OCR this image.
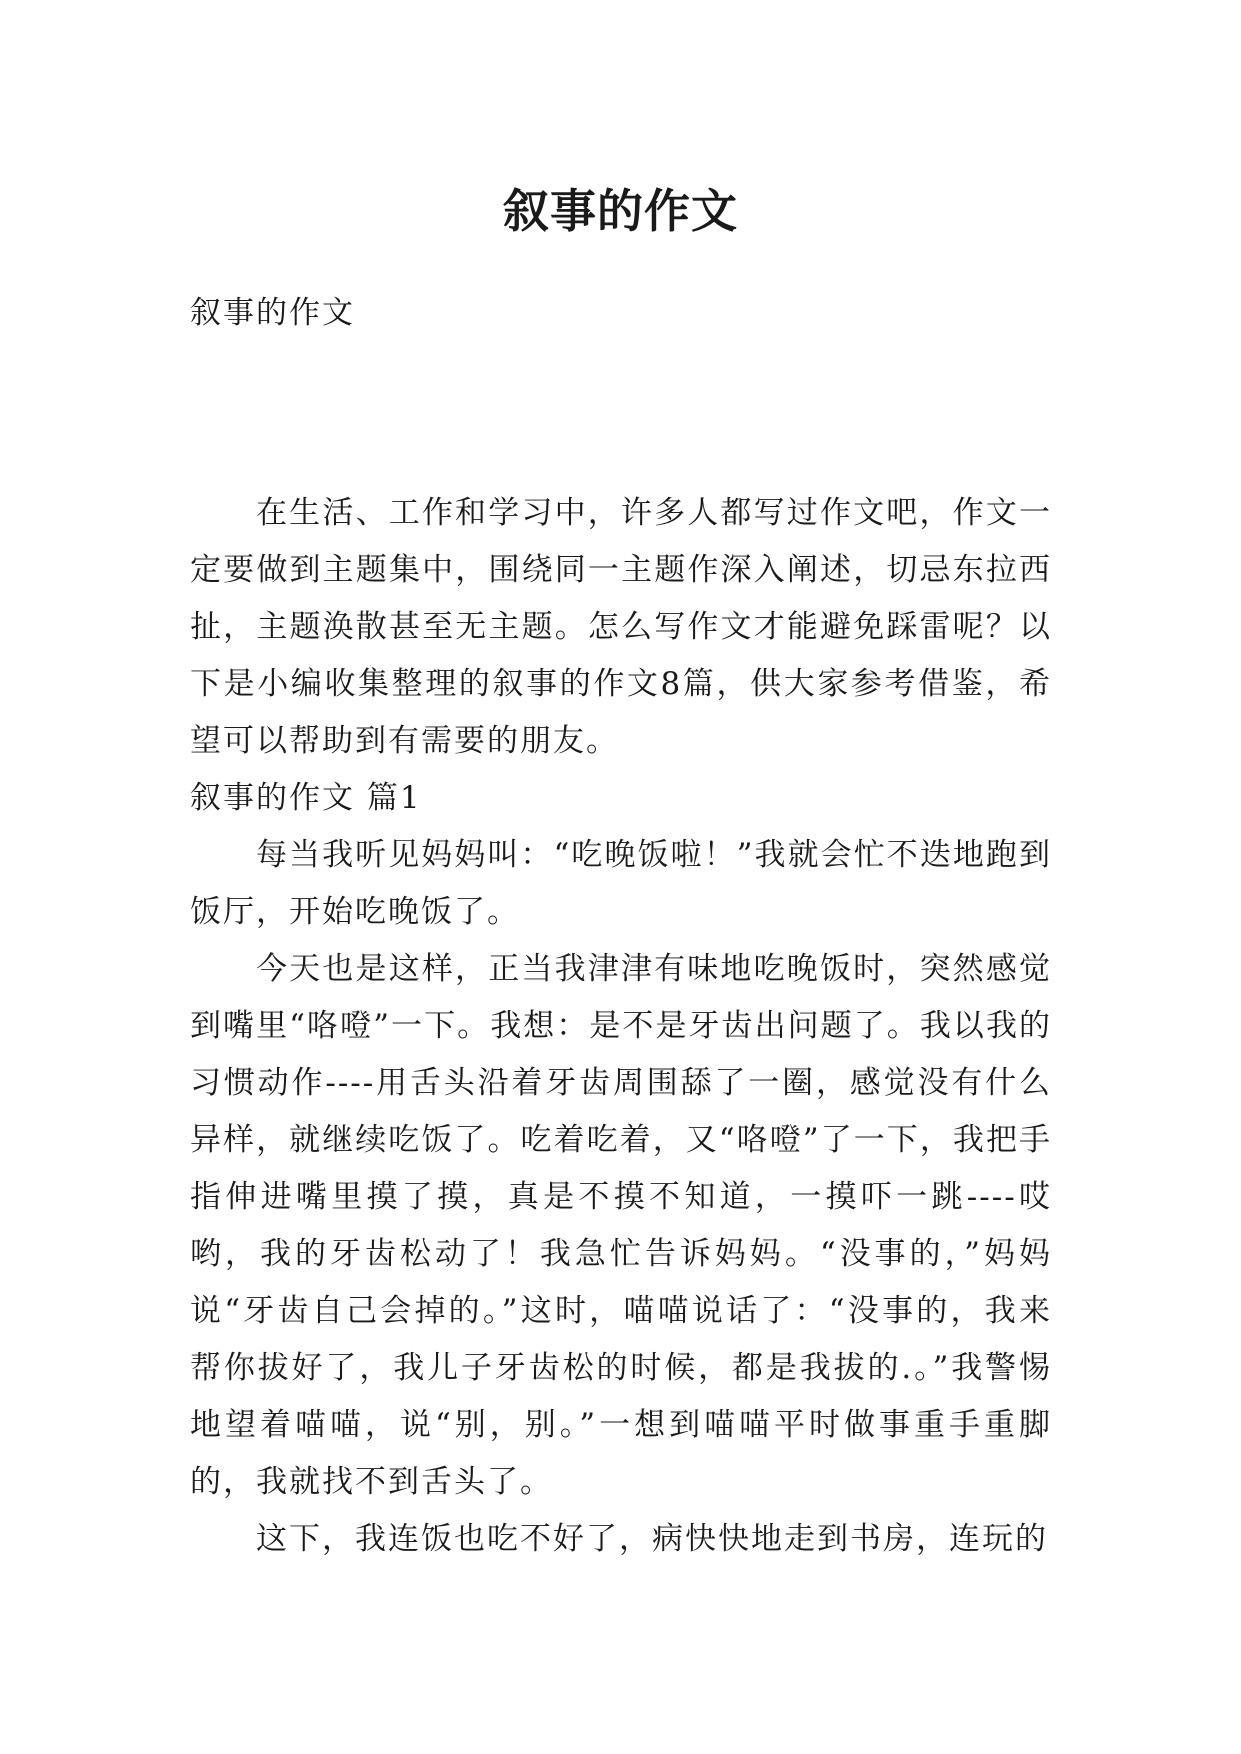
叙事的作文

叙事的作文

在生活、工作和学习中，许多人都写过作文吧，作文一定要做到主题集中，围绕同一主题作深入阐述，切忌东拉西扯，主题涣散甚至无主题。怎么写作文才能避免踩雷呢？以下是小编收集整理的叙事的作文8篇，供大家参考借鉴，希望可以帮助到有需要的朋友。

叙事的作文 篇1

每当我听见妈妈叫：“吃晚饭啦！”我就会忙不迭地跑到饭厅，开始吃晚饭了。

今天也是这样，正当我津津有味地吃晚饭时，突然感觉到嘴里“咯噔”一下。我想：是不是牙齿出问题了。我以我的习惯动作----用舌头沿着牙齿周围舔了一圈，感觉没有什么异样，就继续吃饭了。吃着吃着，又“咯噔”了一下，我把手指伸进嘴里摸了摸，真是不摸不知道，一摸吓一跳----哎哟，我的牙齿松动了！我急忙告诉妈妈。“没事的，”妈妈说“牙齿自己会掉的。”这时，喵喵说话了：“没事的，我来帮你拔好了，我儿子牙齿松的时候，都是我拔的.。”我警惕地望着喵喵，说“别，别。”一想到喵喵平时做事重手重脚的，我就找不到舌头了。

这下，我连饭也吃不好了，病快快地走到书房，连玩的
